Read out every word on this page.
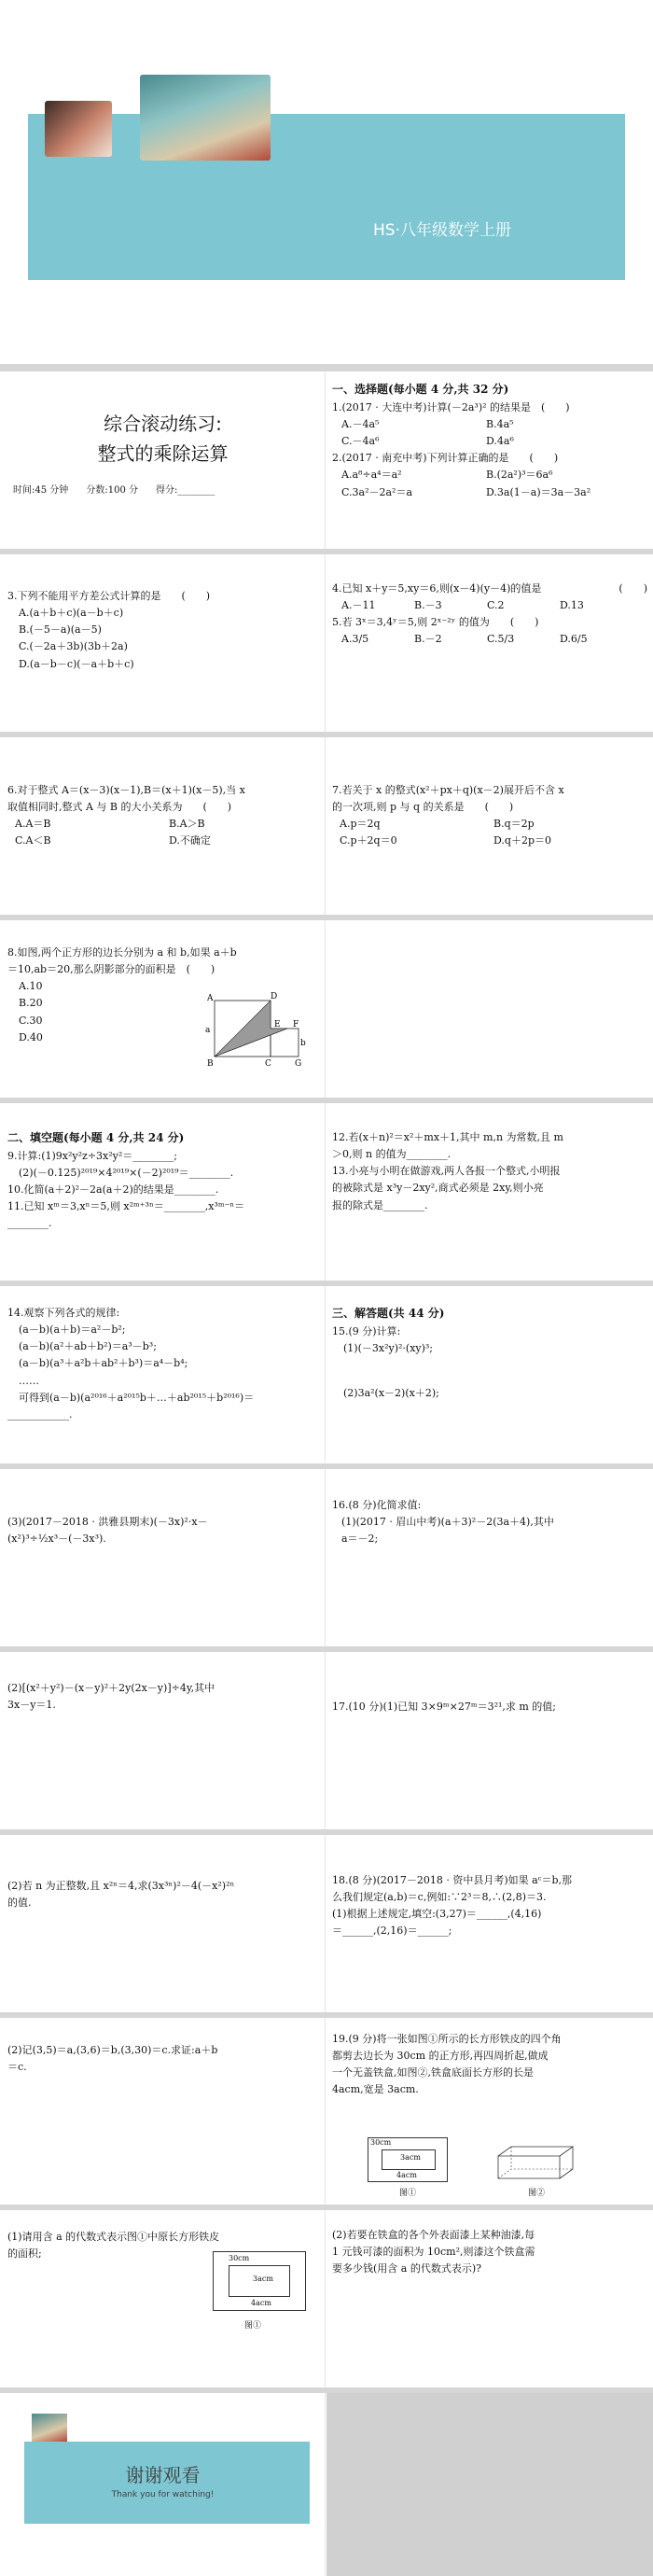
HS·八年级数学上册
综合滚动练习:
整式的乘除运算
时间:45 分钟      分数:100 分      得分:________

一、选择题(每小题 4 分,共 32 分)

1.(2017 · 大连中考)计算(－2a³)² 的结果是　(　　)

A.－4a⁵	B.4a⁵
C.－4a⁶	D.4a⁶

2.(2017 · 南充中考)下列计算正确的是　　(　　)

A.a⁸÷a⁴＝a²	B.(2a²)³＝6a⁶
C.3a²－2a²＝a	D.3a(1－a)＝3a－3a²

3.下列不能用平方差公式计算的是　　(　　)

A.(a＋b＋c)(a－b＋c)

B.(－5－a)(a－5)

C.(－2a＋3b)(3b＋2a)

D.(a－b－c)(－a＋b＋c)

4.已知 x＋y＝5,xy＝6,则(x－4)(y－4)的值是	(　　)

A.－11	B.－3	C.2	D.13

5.若 3ˣ＝3,4ʸ＝5,则 2ˣ⁻²ʸ 的值为　　(　　)

A.3/5	B.－2	C.5/3	D.6/5

6.对于整式 A＝(x－3)(x－1),B＝(x＋1)(x－5),当 x

取值相同时,整式 A 与 B 的大小关系为　　(　　)

A.A＝B	B.A＞B
C.A＜B	D.不确定

7.若关于 x 的整式(x²＋px＋q)(x－2)展开后不含 x

的一次项,则 p 与 q 的关系是　　(　　)

A.p＝2q	B.q＝2p
C.p＋2q＝0	D.q＋2p＝0

8.如图,两个正方形的边长分别为 a 和 b,如果 a＋b

＝10,ab＝20,那么阴影部分的面积是　(　　)

A.10

B.20

C.30

D.40

A	D
B	C
E F
G
a
b

二、填空题(每小题 4 分,共 24 分)

9.计算:(1)9x²y²z÷3x²y²＝________;

(2)(－0.125)²⁰¹⁹×4²⁰¹⁹×(－2)²⁰¹⁹＝________.

10.化简(a＋2)²－2a(a＋2)的结果是________.

11.已知 xᵐ＝3,xⁿ＝5,则 x²ᵐ⁺³ⁿ＝________,x³ᵐ⁻ⁿ＝

________.

12.若(x＋n)²＝x²＋mx＋1,其中 m,n 为常数,且 m

＞0,则 n 的值为________.

13.小亮与小明在做游戏,两人各报一个整式,小明报

的被除式是 x³y－2xy²,商式必须是 2xy,则小亮

报的除式是________.

14.观察下列各式的规律:

(a－b)(a＋b)＝a²－b²;

(a－b)(a²＋ab＋b²)＝a³－b³;

(a－b)(a³＋a²b＋ab²＋b³)＝a⁴－b⁴;

……

可得到(a－b)(a²⁰¹⁶＋a²⁰¹⁵b＋…＋ab²⁰¹⁵＋b²⁰¹⁶)＝

____________.

三、解答题(共 44 分)

15.(9 分)计算:

(1)(－3x²y)²·(xy)³;

(2)3a²(x－2)(x＋2);

(3)(2017－2018 · 洪雅县期末)(－3x)²·x－

(x²)³÷½x³－(－3x³).

16.(8 分)化简求值:

(1)(2017 · 眉山中考)(a＋3)²－2(3a＋4),其中

a＝－2;

(2)[(x²＋y²)－(x－y)²＋2y(2x－y)]÷4y,其中

3x－y＝1.	17.(10 分)(1)已知 3×9ᵐ×27ᵐ＝3²¹,求 m 的值;

(2)若 n 为正整数,且 x²ⁿ＝4,求(3x³ⁿ)²－4(－x²)²ⁿ

的值.

18.(8 分)(2017－2018 · 资中县月考)如果 aᶜ＝b,那

么我们规定(a,b)＝c,例如:∵2³＝8,∴(2,8)＝3.

(1)根据上述规定,填空:(3,27)＝______,(4,16)

＝______,(2,16)＝______;

(2)记(3,5)＝a,(3,6)＝b,(3,30)＝c.求证:a＋b

＝c.

19.(9 分)将一张如图①所示的长方形铁皮的四个角

都剪去边长为 30cm 的正方形,再四周折起,做成

一个无盖铁盒,如图②,铁盒底面长方形的长是

4acm,宽是 3acm.

30cm
3acm
4acm
图①	图②

(1)请用含 a 的代数式表示图①中原长方形铁皮

的面积;	30cm
3acm
4acm
图①

(2)若要在铁盒的各个外表面漆上某种油漆,每

1 元钱可漆的面积为 10cm²,则漆这个铁盒需

要多少钱(用含 a 的代数式表示)?

谢谢观看
Thank you for watching!
